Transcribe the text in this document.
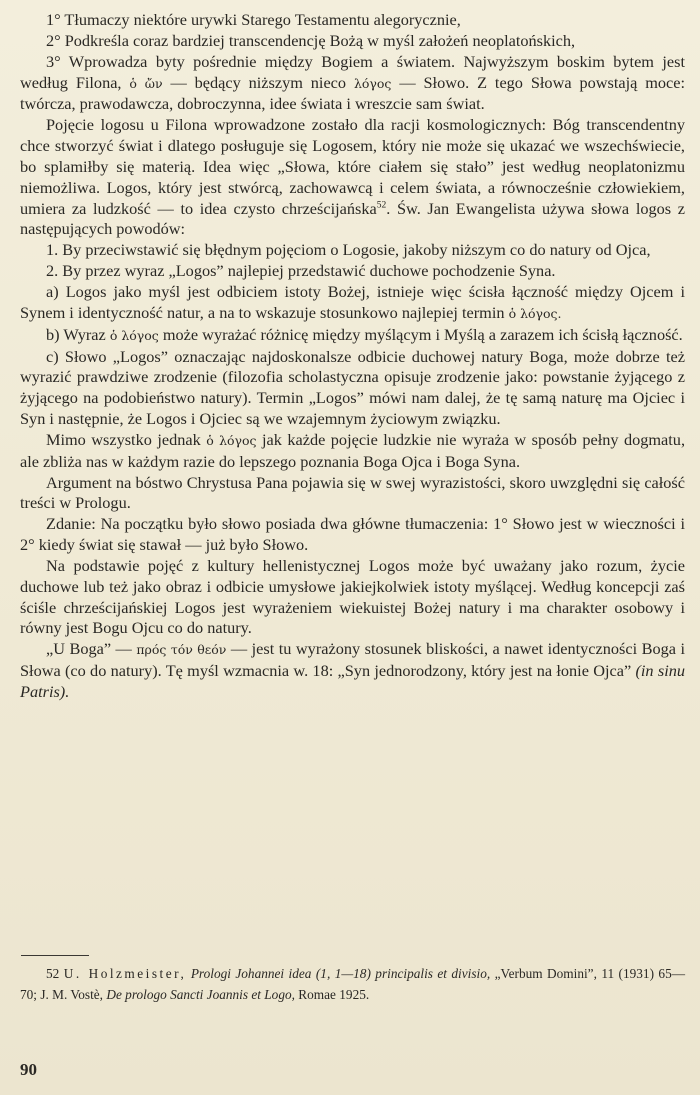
1° Tłumaczy niektóre urywki Starego Testamentu alegorycznie,

2° Podkreśla coraz bardziej transcendencję Bożą w myśl założeń neoplatońskich,

3° Wprowadza byty pośrednie między Bogiem a światem. Najwyższym boskim bytem jest według Filona, ὁ ὤν — będący niższym nieco λόγος — Słowo. Z tego Słowa powstają moce: twórcza, prawodawcza, dobroczynna, idee świata i wreszcie sam świat.

Pojęcie logosu u Filona wprowadzone zostało dla racji kosmologicznych: Bóg transcendentny chce stworzyć świat i dlatego posługuje się Logosem, który nie może się ukazać we wszechświecie, bo splamiłby się materią. Idea więc „Słowa, które ciałem się stało” jest według neoplatonizmu niemożliwa. Logos, który jest stwórcą, zachowawcą i celem świata, a równocześnie człowiekiem, umiera za ludzkość — to idea czysto chrześcijańska$^{52}$. Św. Jan Ewangelista używa słowa logos z następujących powodów:

1. By przeciwstawić się błędnym pojęciom o Logosie, jakoby niższym co do natury od Ojca,

2. By przez wyraz „Logos” najlepiej przedstawić duchowe pochodzenie Syna.

a) Logos jako myśl jest odbiciem istoty Bożej, istnieje więc ścisła łączność między Ojcem i Synem i identyczność natur, a na to wskazuje stosunkowo najlepiej termin ὁ λόγος.

b) Wyraz ὁ λόγος może wyrażać różnicę między myślącym i Myślą a zarazem ich ścisłą łączność.

c) Słowo „Logos” oznaczając najdoskonalsze odbicie duchowej natury Boga, może dobrze też wyrazić prawdziwe zrodzenie (filozofia scholastyczna opisuje zrodzenie jako: powstanie żyjącego z żyjącego na podobieństwo natury). Termin „Logos” mówi nam dalej, że tę samą naturę ma Ojciec i Syn i następnie, że Logos i Ojciec są we wzajemnym życiowym związku.

Mimo wszystko jednak ὁ λόγος jak każde pojęcie ludzkie nie wyraża w sposób pełny dogmatu, ale zbliża nas w każdym razie do lepszego poznania Boga Ojca i Boga Syna.

Argument na bóstwo Chrystusa Pana pojawia się w swej wyrazistości, skoro uwzględni się całość treści w Prologu.

Zdanie: Na początku było słowo posiada dwa główne tłumaczenia: 1° Słowo jest w wieczności i 2° kiedy świat się stawał — już było Słowo.

Na podstawie pojęć z kultury hellenistycznej Logos może być uważany jako rozum, życie duchowe lub też jako obraz i odbicie umysłowe jakiejkolwiek istoty myślącej. Według koncepcji zaś ściśle chrześcijańskiej Logos jest wyrażeniem wiekuistej Bożej natury i ma charakter osobowy i równy jest Bogu Ojcu co do natury.

„U Boga” — πρός τόν θεόν — jest tu wyrażony stosunek bliskości, a nawet identyczności Boga i Słowa (co do natury). Tę myśl wzmacnia w. 18: „Syn jednorodzony, który jest na łonie Ojca” (in sinu Patris).

52 U. Holzmeister, Prologi Johannei idea (1, 1—18) principalis et divisio, „Verbum Domini”, 11 (1931) 65—70; J. M. Vostè, De prologo Sancti Joannis et Logo, Romae 1925.
90
